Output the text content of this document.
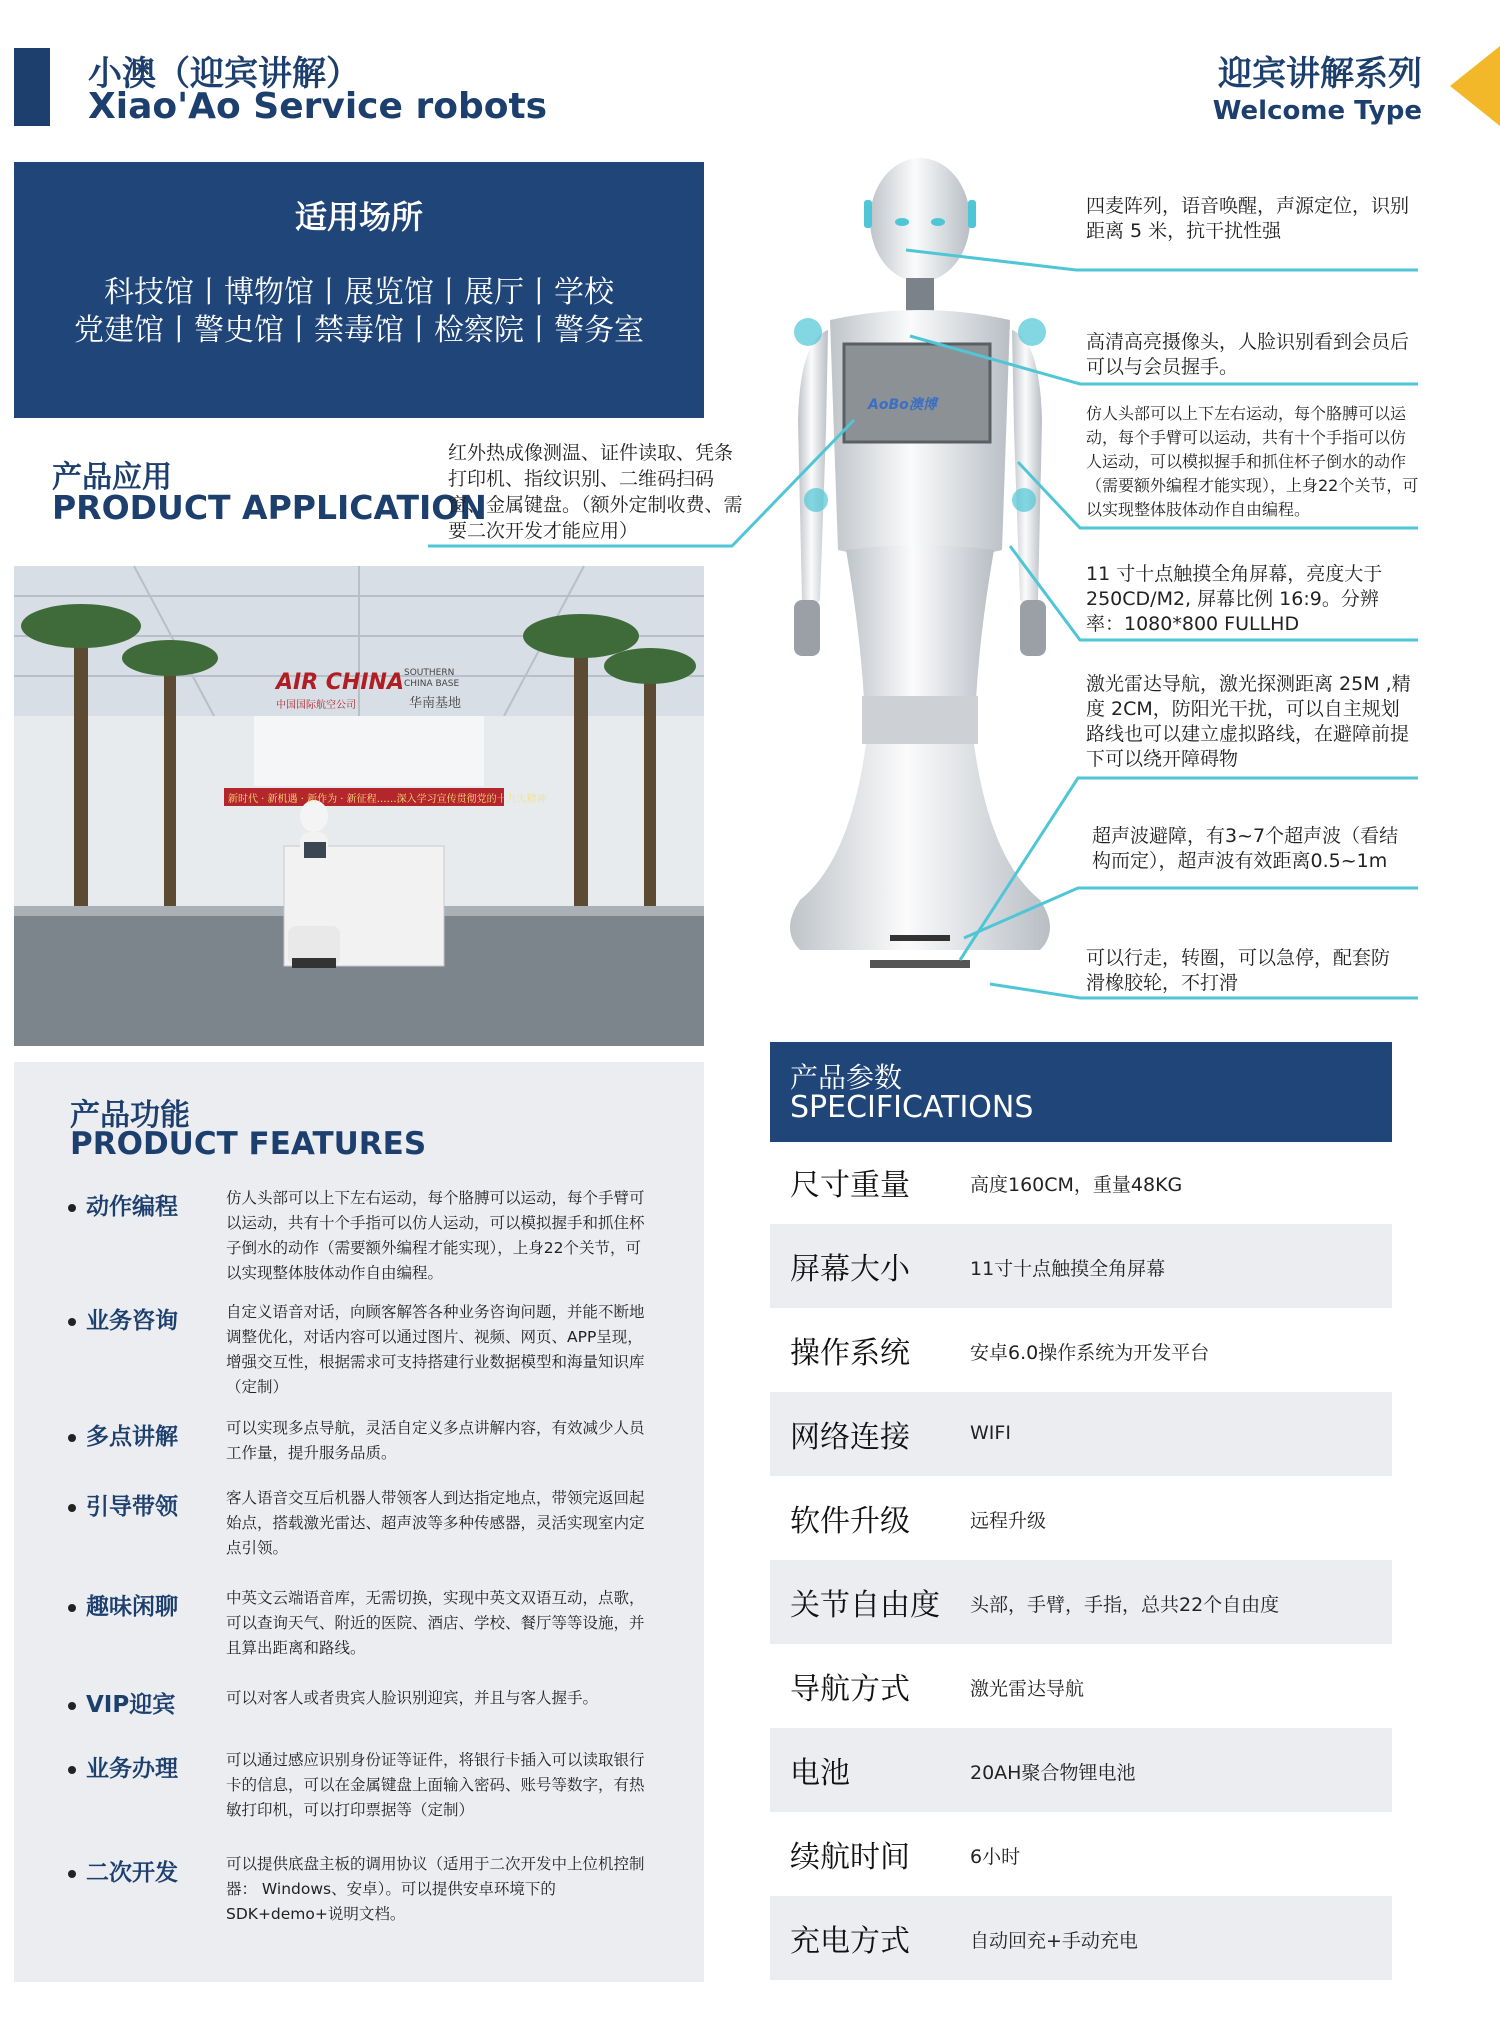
小澳（迎宾讲解）
Xiao'Ao Service robots
迎宾讲解系列
Welcome Type
适用场所
科技馆丨博物馆丨展览馆丨展厅丨学校
党建馆丨警史馆丨禁毒馆丨检察院丨警务室
产品应用
PRODUCT APPLICATION
红外热成像测温、证件读取、凭条打印机、指纹识别、二维码扫码窗、金属键盘。（额外定制收费、需要二次开发才能应用）
AIR CHINA SOUTHERN CHINA BASE
中国国际航空公司	华南基地
新时代 · 新机遇 · 新作为 · 新征程……深入学习宣传贯彻党的十九大精神
产品功能
PRODUCT FEATURES
动作编程	仿人头部可以上下左右运动，每个胳膊可以运动，每个手臂可以运动，共有十个手指可以仿人运动，可以模拟握手和抓住杯子倒水的动作（需要额外编程才能实现），上身22个关节，可以实现整体肢体动作自由编程。
业务咨询	自定义语音对话，向顾客解答各种业务咨询问题，并能不断地调整优化，对话内容可以通过图片、视频、网页、APP呈现，增强交互性，根据需求可支持搭建行业数据模型和海量知识库（定制）
多点讲解	可以实现多点导航，灵活自定义多点讲解内容，有效减少人员工作量，提升服务品质。
引导带领	客人语音交互后机器人带领客人到达指定地点，带领完返回起始点，搭载激光雷达、超声波等多种传感器，灵活实现室内定点引领。
趣味闲聊	中英文云端语音库，无需切换，实现中英文双语互动，点歌，可以查询天气、附近的医院、酒店、学校、餐厅等等设施，并且算出距离和路线。
VIP迎宾	可以对客人或者贵宾人脸识别迎宾，并且与客人握手。
业务办理	可以通过感应识别身份证等证件，将银行卡插入可以读取银行卡的信息，可以在金属键盘上面输入密码、账号等数字，有热敏打印机，可以打印票据等（定制）
二次开发	可以提供底盘主板的调用协议（适用于二次开发中上位机控制器： Windows、安卓）。可以提供安卓环境下的SDK+demo+说明文档。
AoBo澳博
四麦阵列，语音唤醒，声源定位，识别距离 5 米，抗干扰性强
高清高亮摄像头，人脸识别看到会员后可以与会员握手。
仿人头部可以上下左右运动，每个胳膊可以运动，每个手臂可以运动，共有十个手指可以仿人运动，可以模拟握手和抓住杯子倒水的动作（需要额外编程才能实现），上身22个关节，可以实现整体肢体动作自由编程。
11 寸十点触摸全角屏幕，亮度大于 250CD/M2, 屏幕比例 16:9。分辨率：1080*800 FULLHD
激光雷达导航，激光探测距离 25M ,精度 2CM，防阳光干扰，可以自主规划路线也可以建立虚拟路线，在避障前提下可以绕开障碍物
超声波避障，有3~7个超声波（看结构而定），超声波有效距离0.5~1m
可以行走，转圈，可以急停，配套防滑橡胶轮，不打滑
产品参数
SPECIFICATIONS
尺寸重量	高度160CM，重量48KG
屏幕大小	11寸十点触摸全角屏幕
操作系统	安卓6.0操作系统为开发平台
网络连接	WIFI
软件升级	远程升级
关节自由度 头部，手臂，手指，总共22个自由度
导航方式	激光雷达导航
电池	20AH聚合物锂电池
续航时间	6小时
充电方式	自动回充+手动充电
